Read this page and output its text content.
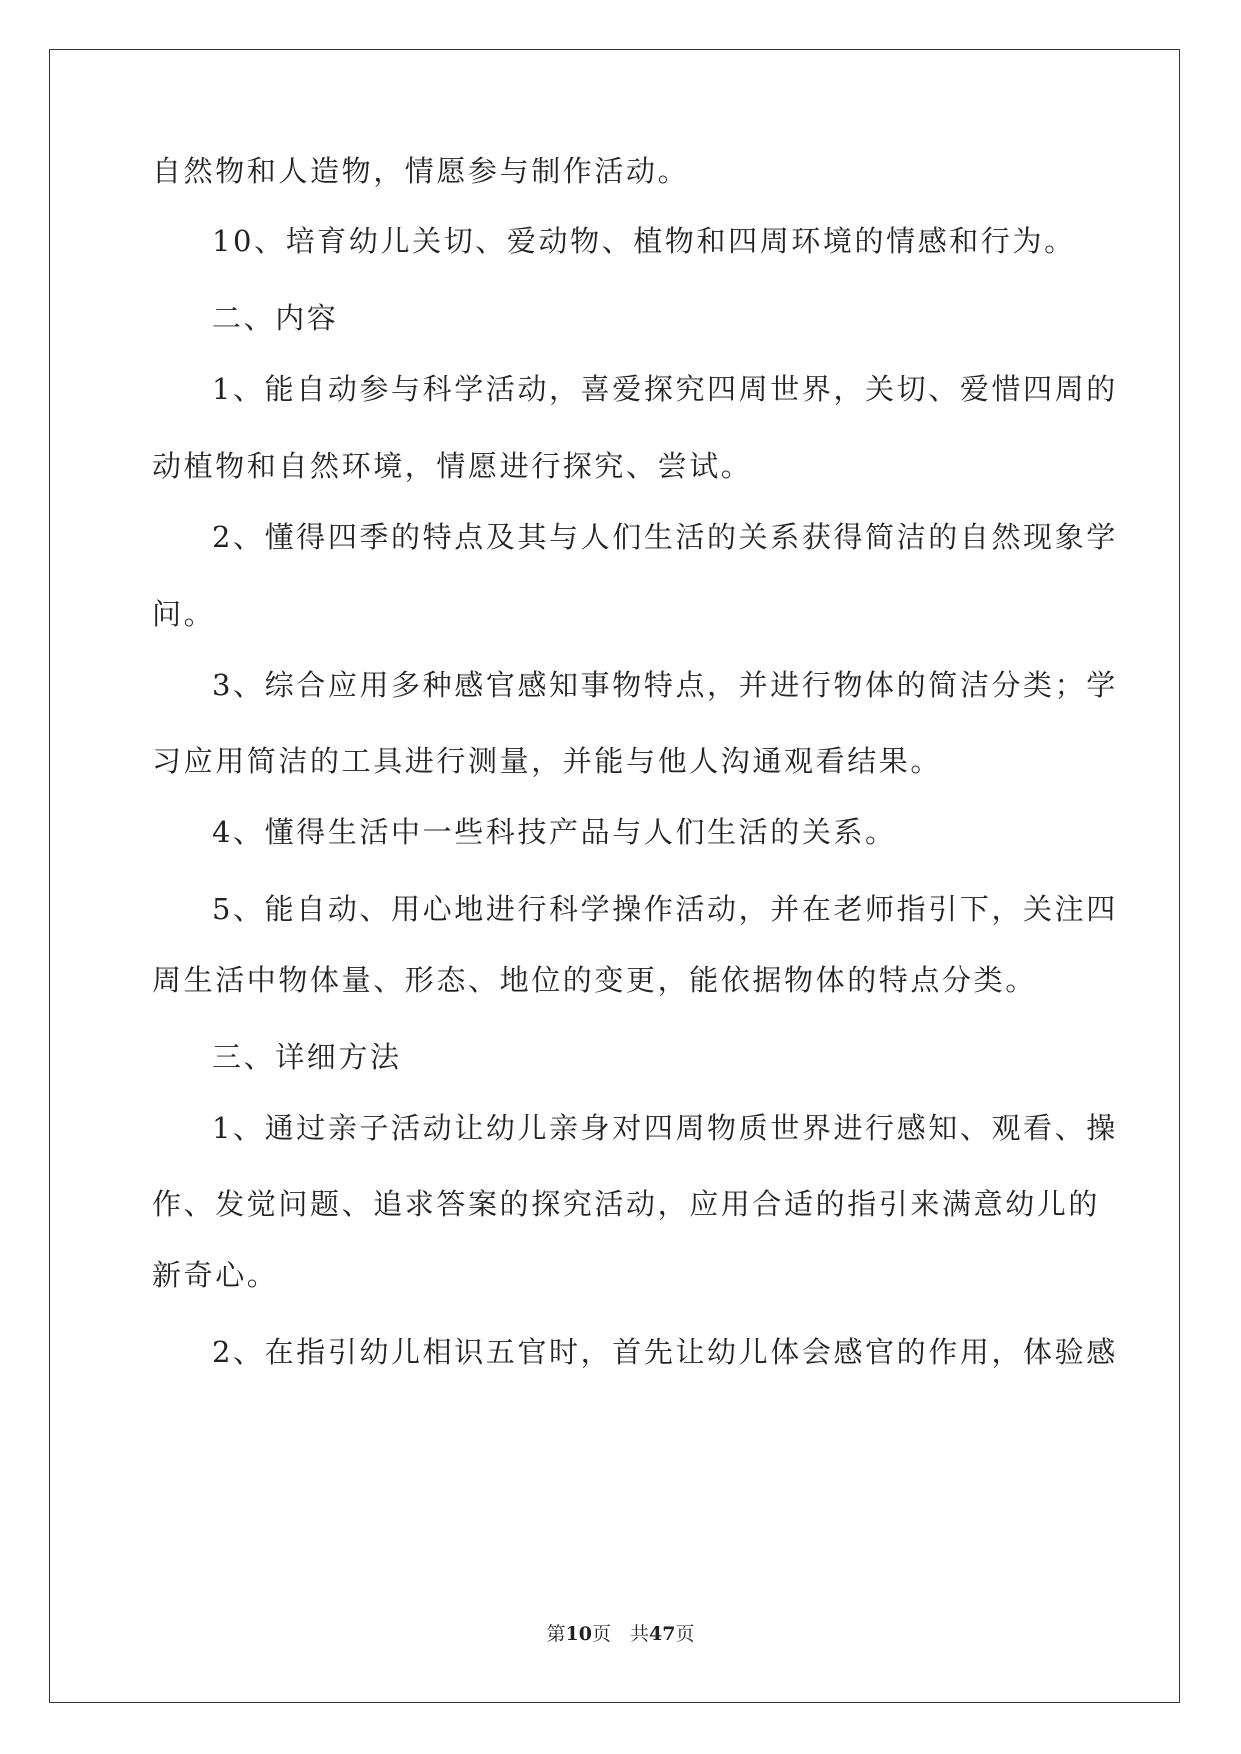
自然物和人造物，情愿参与制作活动。
10、培育幼儿关切、爱动物、植物和四周环境的情感和行为。
二、内容
1、能自动参与科学活动，喜爱探究四周世界，关切、爱惜四周的
动植物和自然环境，情愿进行探究、尝试。
2、懂得四季的特点及其与人们生活的关系获得简洁的自然现象学
问。
3、综合应用多种感官感知事物特点，并进行物体的简洁分类；学
习应用简洁的工具进行测量，并能与他人沟通观看结果。
4、懂得生活中一些科技产品与人们生活的关系。
5、能自动、用心地进行科学操作活动，并在老师指引下，关注四
周生活中物体量、形态、地位的变更，能依据物体的特点分类。
三、详细方法
1、通过亲子活动让幼儿亲身对四周物质世界进行感知、观看、操
作、发觉问题、追求答案的探究活动，应用合适的指引来满意幼儿的
新奇心。
2、在指引幼儿相识五官时，首先让幼儿体会感官的作用，体验感
第10页　共47页
